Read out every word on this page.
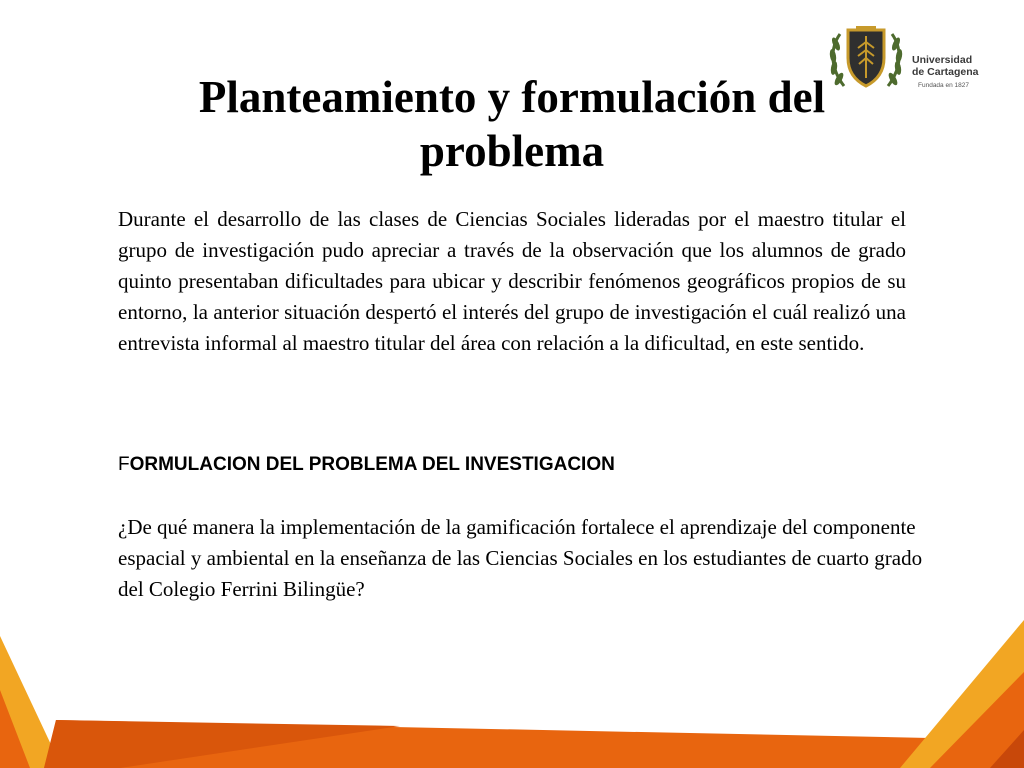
Universidad
de Cartagena
Fundada en 1827
Planteamiento y formulación del
problema

Durante el desarrollo de las clases de Ciencias Sociales lideradas por el maestro titular el grupo de investigación pudo apreciar a través de la observación que los alumnos de grado quinto presentaban dificultades para ubicar y describir fenómenos geográficos propios de su entorno, la anterior situación despertó el interés del grupo de investigación el cuál realizó una entrevista informal al maestro titular del área con relación a la dificultad, en este sentido.

FORMULACION DEL PROBLEMA DEL INVESTIGACION

¿De qué manera la implementación de la gamificación fortalece el aprendizaje del componente espacial y ambiental en la enseñanza de las Ciencias Sociales en los estudiantes de cuarto grado del Colegio Ferrini Bilingüe?
